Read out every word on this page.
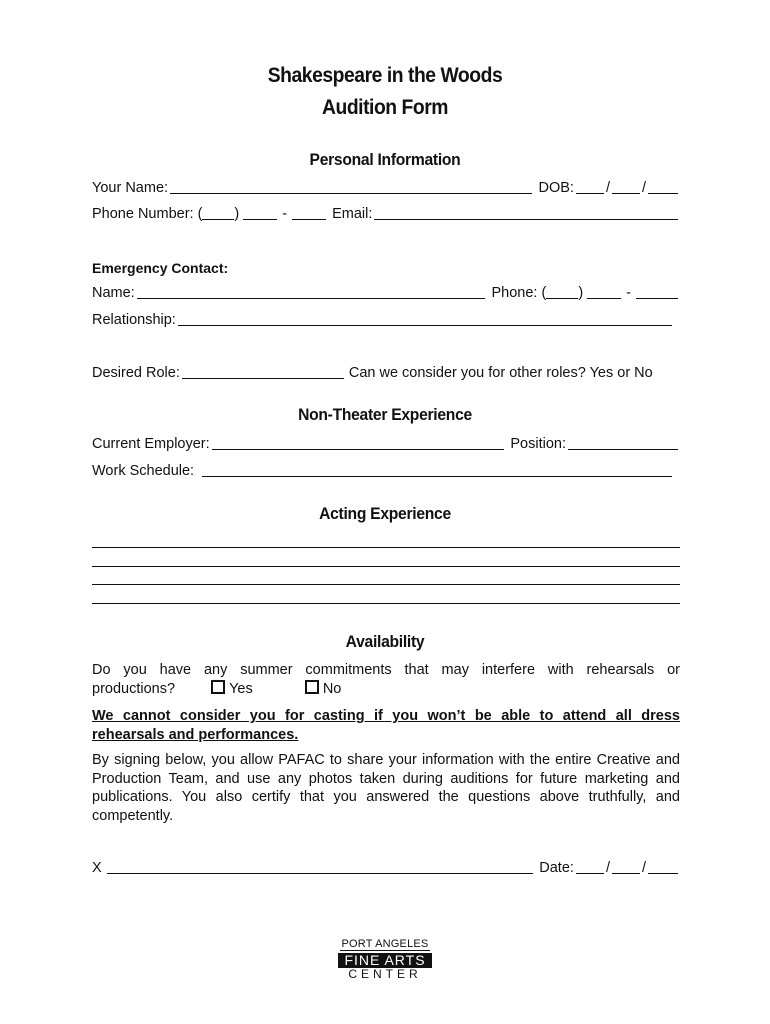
Shakespeare in the Woods
Audition Form
Personal Information
Your Name:	DOB: / /
Phone Number: ( )	-	Email:
Emergency Contact:
Name:	Phone: ( )	-
Relationship:
Desired Role:	Can we consider you for other roles? Yes or No
Non-Theater Experience
Current Employer:	Position:
Work Schedule:
Acting Experience
Availability
Do you have any summer commitments that may interfere with rehearsals or
productions?	Yes	No
We cannot consider you for casting if you won’t be able to attend all dress rehearsals and performances.
By signing below, you allow PAFAC to share your information with the entire Creative and Production Team, and use any photos taken during auditions for future marketing and publications. You also certify that you answered the questions above truthfully, and competently.
X	Date: / /
PORT ANGELES
FINE ARTS
CENTER
